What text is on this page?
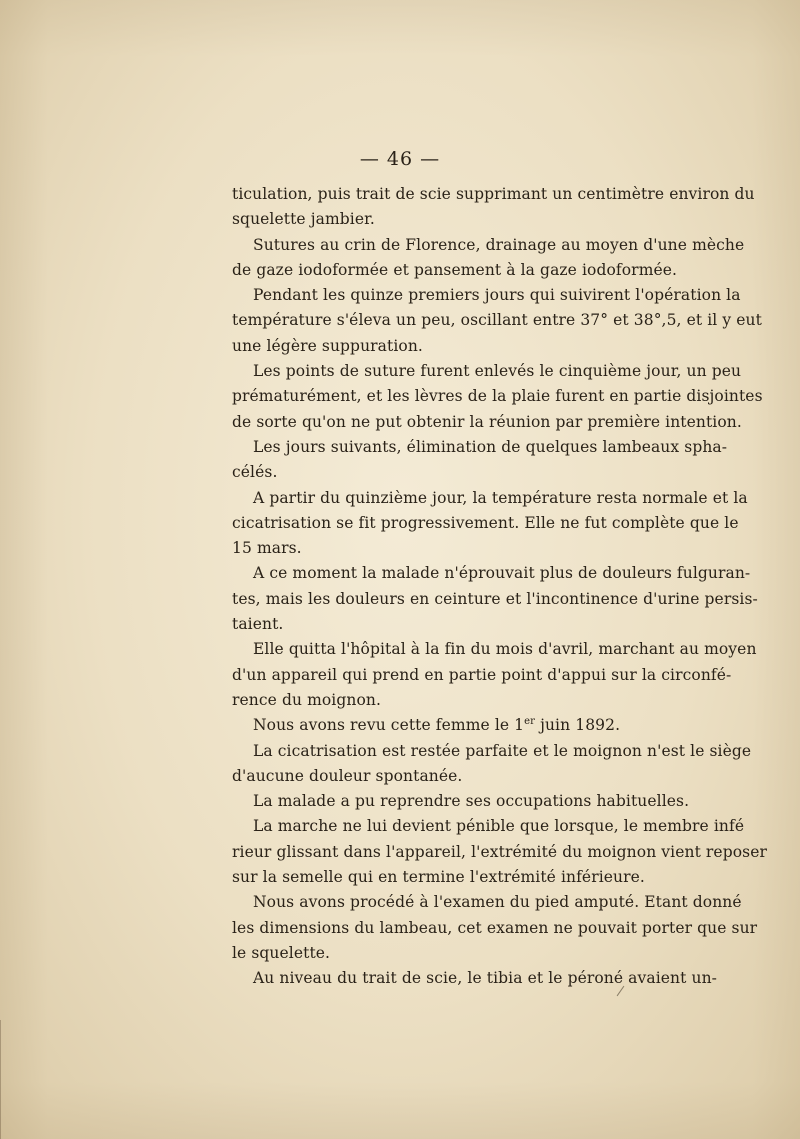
— 46 —
ticulation, puis trait de scie supprimant un centimètre environ du
squelette jambier.
Sutures au crin de Florence, drainage au moyen d'une mèche
de gaze iodoformée et pansement à la gaze iodoformée.
Pendant les quinze premiers jours qui suivirent l'opération la
température s'éleva un peu, oscillant entre 37° et 38°,5, et il y eut
une légère suppuration.
Les points de suture furent enlevés le cinquième jour, un peu
prématurément, et les lèvres de la plaie furent en partie disjointes
de sorte qu'on ne put obtenir la réunion par première intention.
Les jours suivants, élimination de quelques lambeaux spha-
célés.
A partir du quinzième jour, la température resta normale et la
cicatrisation se fit progressivement. Elle ne fut complète que le
15 mars.
A ce moment la malade n'éprouvait plus de douleurs fulguran-
tes, mais les douleurs en ceinture et l'incontinence d'urine persis-
taient.
Elle quitta l'hôpital à la fin du mois d'avril, marchant au moyen
d'un appareil qui prend en partie point d'appui sur la circonfé-
rence du moignon.
Nous avons revu cette femme le 1er juin 1892.
La cicatrisation est restée parfaite et le moignon n'est le siège
d'aucune douleur spontanée.
La malade a pu reprendre ses occupations habituelles.
La marche ne lui devient pénible que lorsque, le membre infé
rieur glissant dans l'appareil, l'extrémité du moignon vient reposer
sur la semelle qui en termine l'extrémité inférieure.
Nous avons procédé à l'examen du pied amputé. Etant donné
les dimensions du lambeau, cet examen ne pouvait porter que sur
le squelette.
Au niveau du trait de scie, le tibia et le péroné avaient un-
